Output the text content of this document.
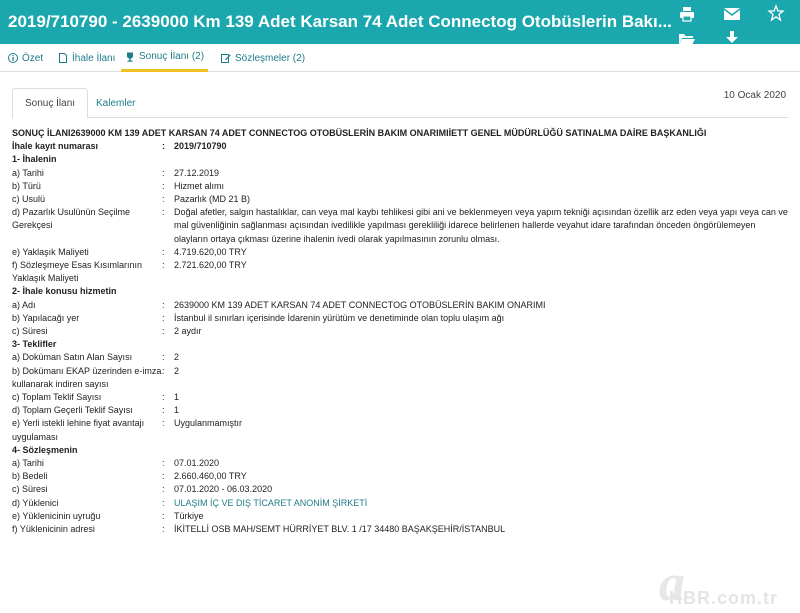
2019/710790 - 2639000 Km 139 Adet Karsan 74 Adet Connectog Otobüslerin Bakı...
Özet	İhale İlanı Sonuç İlanı (2)	Sözleşmeler (2)
10 Ocak 2020
Sonuç İlanı	Kalemler
SONUÇ İLANI2639000 KM 139 ADET KARSAN 74 ADET CONNECTOG OTOBÜSLERİN BAKIM ONARIMIİETT GENEL MÜDÜRLÜĞÜ SATINALMA DAİRE BAŞKANLIĞI
İhale kayıt numarası	:	2019/710790
1- İhalenin
a) Tarihi	:	27.12.2019
b) Türü	:	Hizmet alımı
c) Usulü	:	Pazarlık (MD 21 B)
d) Pazarlık Usulünün Seçilme Gerekçesi
:	Doğal afetler, salgın hastalıklar, can veya mal kaybı tehlikesi gibi ani ve beklenmeyen veya yapım tekniği açısından özellik arz eden veya yapı veya can ve mal güvenliğinin sağlanması açısından ivedilikle yapılması gerekliliği idarece belirlenen hallerde veyahut idare tarafından önceden öngörülemeyen olayların ortaya çıkması üzerine ihalenin ivedi olarak yapılmasının zorunlu olması.
e) Yaklaşık Maliyeti	:	4.719.620,00 TRY
f) Sözleşmeye Esas Kısımlarının Yaklaşık Maliyeti
:	2.721.620,00 TRY
2- İhale konusu hizmetin
a) Adı	:	2639000 KM 139 ADET KARSAN 74 ADET CONNECTOG OTOBÜSLERİN BAKIM ONARIMI
b) Yapılacağı yer	:	İstanbul il sınırları içerisinde İdarenin yürütüm ve denetiminde olan toplu ulaşım ağı
c) Süresi	:	2 aydır
3- Teklifler
a) Doküman Satın Alan Sayısı	:	2
b) Dokümanı EKAP üzerinden e-imza kullanarak indiren sayısı
:	2
c) Toplam Teklif Sayısı	:	1
d) Toplam Geçerli Teklif Sayısı	:	1
e) Yerli istekli lehine fiyat avantajı uygulaması
:	Uygulanmamıştır
4- Sözleşmenin
a) Tarihi	:	07.01.2020
b) Bedeli	:	2.660.460,00 TRY
c) Süresi	:	07.01.2020 - 06.03.2020
d) Yüklenici	:	ULAŞIM İÇ VE DIŞ TİCARET ANONİM ŞİRKETİ
e) Yüklenicinin uyruğu	:	Türkiye
f) Yüklenicinin adresi	:	İKİTELLİ OSB MAH/SEMT HÜRRİYET BLV. 1 /17 34480 BAŞAKŞEHİR/İSTANBUL
a
HBR.com.tr
